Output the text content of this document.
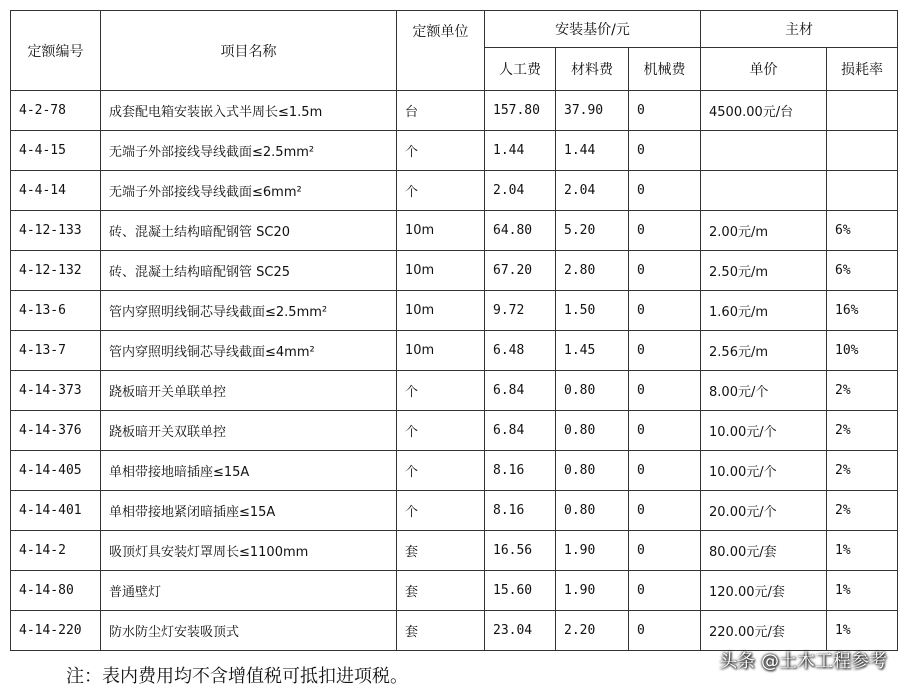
定额编号	项目名称	定额单位	安装基价/元			主材	
			人工费	材料费	机械费	单价	损耗率
4-2-78	成套配电箱安装嵌入式半周长≤1.5m	台	157.80	37.90	0	4500.00元/台	
4-4-15	无端子外部接线导线截面≤2.5mm²	个	1.44	1.44	0		
4-4-14	无端子外部接线导线截面≤6mm²	个	2.04	2.04	0		
4-12-133	砖、混凝土结构暗配钢管 SC20	10m	64.80	5.20	0	2.00元/m	6%
4-12-132	砖、混凝土结构暗配钢管 SC25	10m	67.20	2.80	0	2.50元/m	6%
4-13-6	管内穿照明线铜芯导线截面≤2.5mm²	10m	9.72	1.50	0	1.60元/m	16%
4-13-7	管内穿照明线铜芯导线截面≤4mm²	10m	6.48	1.45	0	2.56元/m	10%
4-14-373	跷板暗开关单联单控	个	6.84	0.80	0	8.00元/个	2%
4-14-376	跷板暗开关双联单控	个	6.84	0.80	0	10.00元/个	2%
4-14-405	单相带接地暗插座≤15A	个	8.16	0.80	0	10.00元/个	2%
4-14-401	单相带接地紧闭暗插座≤15A	个	8.16	0.80	0	20.00元/个	2%
4-14-2	吸顶灯具安装灯罩周长≤1100mm	套	16.56	1.90	0	80.00元/套	1%
4-14-80	普通壁灯	套	15.60	1.90	0	120.00元/套	1%
4-14-220	防水防尘灯安装吸顶式	套	23.04	2.20	0	220.00元/套	1%
注：表内费用均不含增值税可抵扣进项税。
头条 @土木工程参考
